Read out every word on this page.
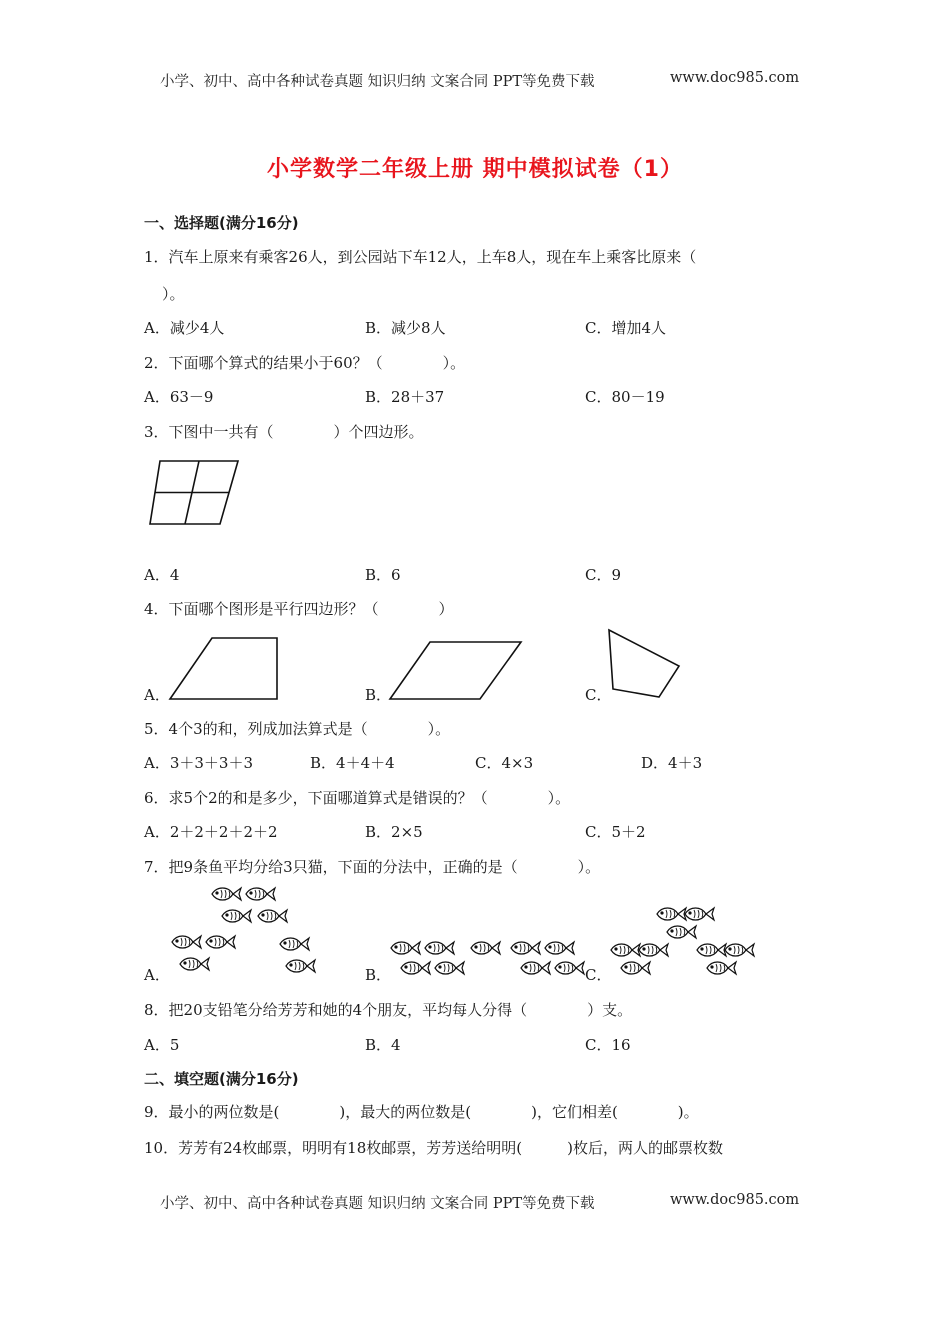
小学、初中、高中各种试卷真题 知识归纳 文案合同 PPT等免费下载	www.doc985.com
小学数学二年级上册 期中模拟试卷（1）
一、选择题(满分16分)
1．汽车上原来有乘客26人，到公园站下车12人，上车8人，现在车上乘客比原来（
）。
A．减少4人	B．减少8人	C．增加4人
2．下面哪个算式的结果小于60？（　　　　）。
A．63－9	B．28＋37	C．80－19
3．下图中一共有（　　　　）个四边形。
A．4	B．6	C．9
4．下面哪个图形是平行四边形？（　　　　）
A．	B．	C．
5．4个3的和，列成加法算式是（　　　　）。
A．3＋3＋3＋3	B．4＋4＋4	C．4×3	D．4＋3
6．求5个2的和是多少，下面哪道算式是错误的？（　　　　）。
A．2＋2＋2＋2＋2	B．2×5	C．5＋2
7．把9条鱼平均分给3只猫，下面的分法中，正确的是（　　　　）。
A．	B．	C．
8．把20支铅笔分给芳芳和她的4个朋友，平均每人分得（　　　　）支。
A．5	B．4	C．16
二、填空题(满分16分)
9．最小的两位数是(　　　　)，最大的两位数是(　　　　)，它们相差(　　　　)。
10．芳芳有24枚邮票，明明有18枚邮票，芳芳送给明明(　　　)枚后，两人的邮票枚数
小学、初中、高中各种试卷真题 知识归纳 文案合同 PPT等免费下载	www.doc985.com
